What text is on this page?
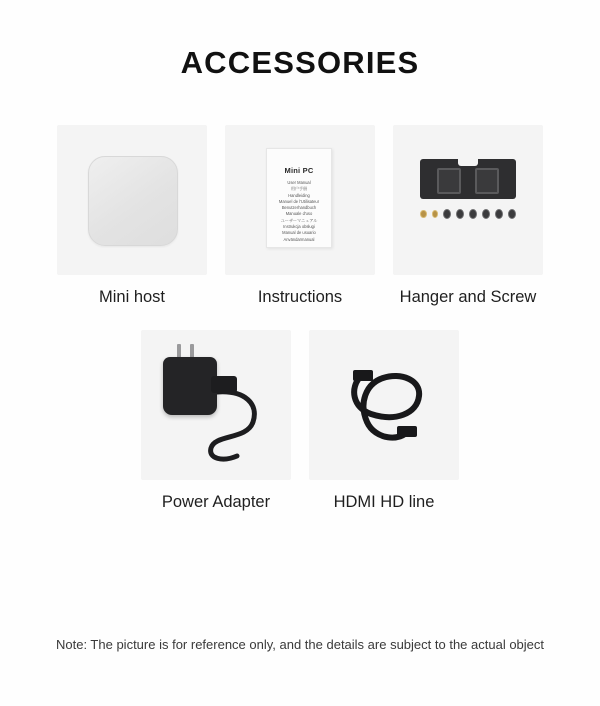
ACCESSORIES
Mini host
Mini PC
User Manual
用户手册
Handleiding
Manuel de l'Utilisateur
Benutzerhandbuch
Manuale d'uso
ユーザーマニュアル
Instrukcja obsługi
Manual de usuario
Användarmanual
Instructions	Hanger and Screw
Power Adapter	HDMI HD line
Note: The picture is for reference only, and the details are subject to the actual object
